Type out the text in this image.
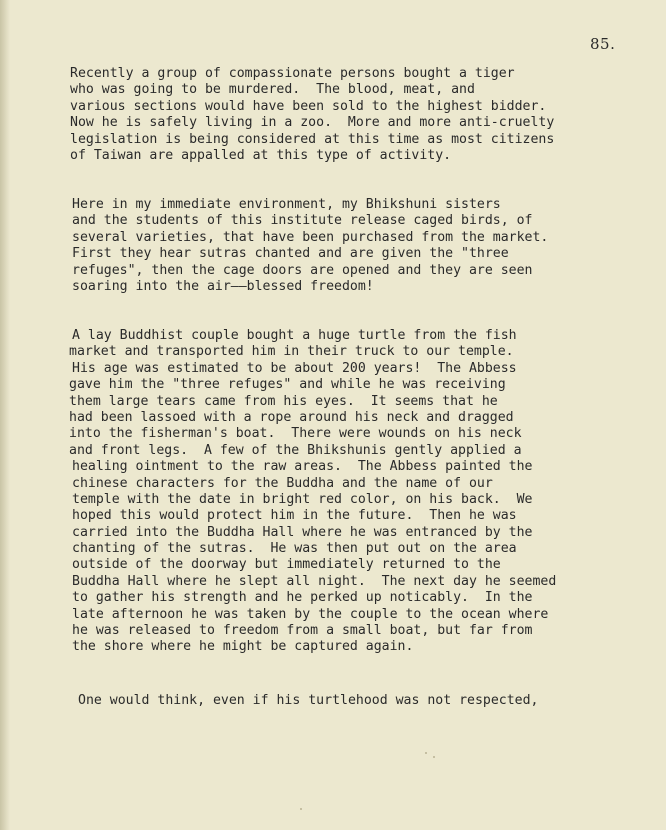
85.
Recently a group of compassionate persons bought a tiger
who was going to be murdered.  The blood, meat, and
various sections would have been sold to the highest bidder.
Now he is safely living in a zoo.  More and more anti-cruelty
legislation is being considered at this time as most citizens
of Taiwan are appalled at this type of activity.
Here in my immediate environment, my Bhikshuni sisters
and the students of this institute release caged birds, of
several varieties, that have been purchased from the market.
First they hear sutras chanted and are given the "three
refuges", then the cage doors are opened and they are seen
soaring into the air——blessed freedom!
A lay Buddhist couple bought a huge turtle from the fish
market and transported him in their truck to our temple.
His age was estimated to be about 200 years!  The Abbess
gave him the "three refuges" and while he was receiving
them large tears came from his eyes.  It seems that he
had been lassoed with a rope around his neck and dragged
into the fisherman's boat.  There were wounds on his neck
and front legs.  A few of the Bhikshunis gently applied a
healing ointment to the raw areas.  The Abbess painted the
chinese characters for the Buddha and the name of our
temple with the date in bright red color, on his back.  We
hoped this would protect him in the future.  Then he was
carried into the Buddha Hall where he was entranced by the
chanting of the sutras.  He was then put out on the area
outside of the doorway but immediately returned to the
Buddha Hall where he slept all night.  The next day he seemed
to gather his strength and he perked up noticably.  In the
late afternoon he was taken by the couple to the ocean where
he was released to freedom from a small boat, but far from
the shore where he might be captured again.
One would think, even if his turtlehood was not respected,
